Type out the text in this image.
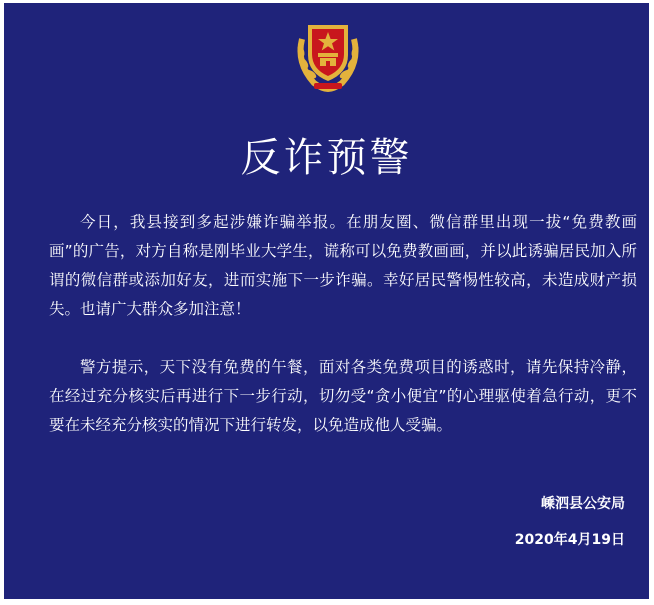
反诈预警

今日，我县接到多起涉嫌诈骗举报。在朋友圈、微信群里出现一拔“免费教画画”的广告，对方自称是刚毕业大学生，谎称可以免费教画画，并以此诱骗居民加入所谓的微信群或添加好友，进而实施下一步诈骗。幸好居民警惕性较高，未造成财产损失。也请广大群众多加注意！

警方提示，天下没有免费的午餐，面对各类免费项目的诱惑时，请先保持冷静，在经过充分核实后再进行下一步行动，切勿受“贪小便宜”的心理驱使着急行动，更不要在未经充分核实的情况下进行转发，以免造成他人受骗。

嵊泗县公安局
2020年4月19日
